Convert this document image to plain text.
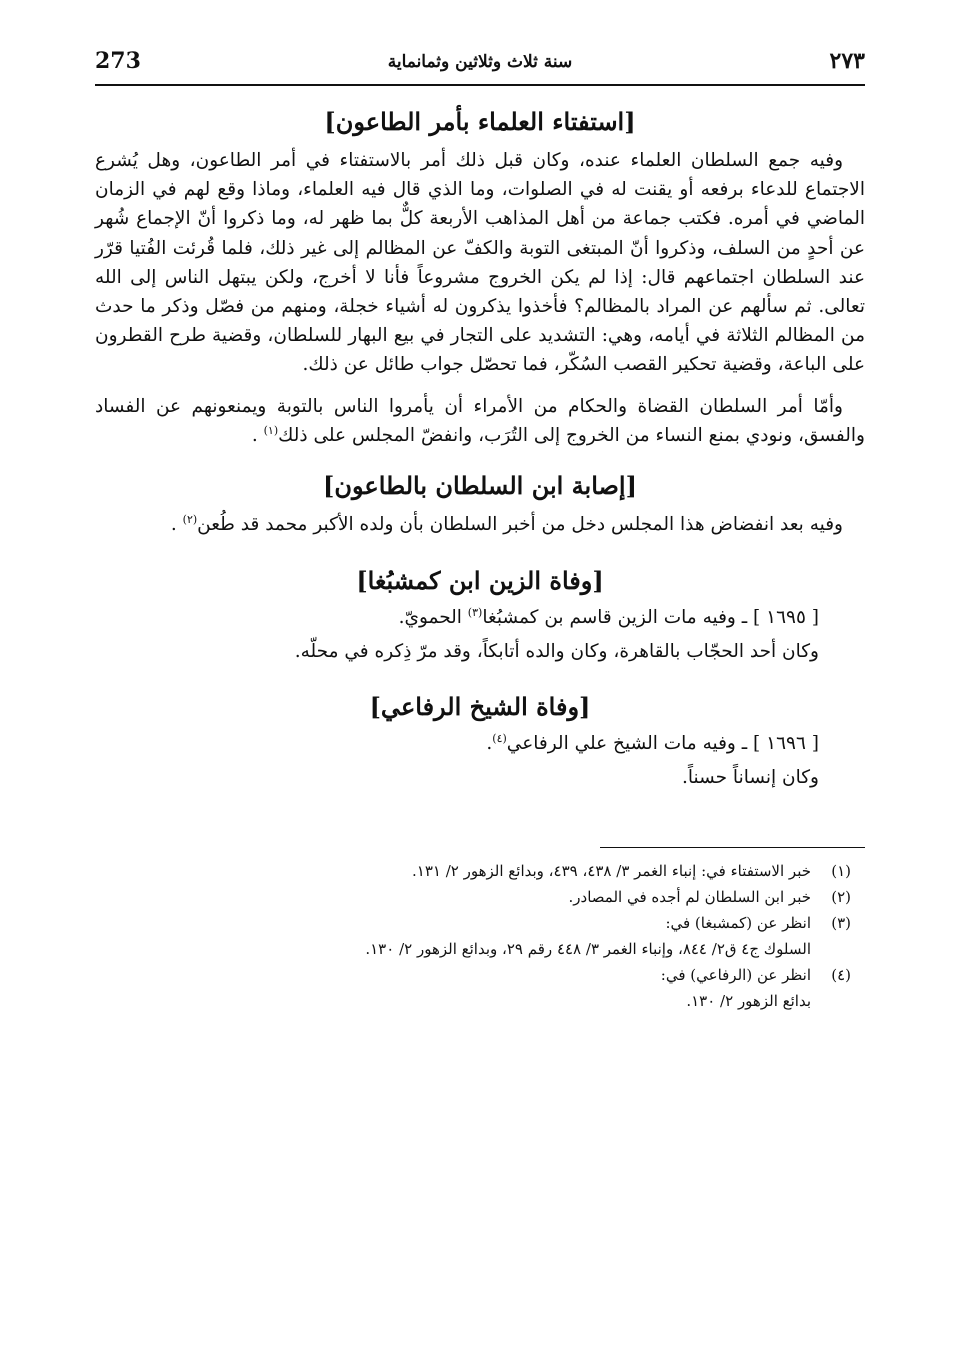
٢٧٣
سنة ثلاث وثلاثين وثمانماية
273
[استفتاء العلماء بأمر الطاعون]

وفيه جمع السلطان العلماء عنده، وكان قبل ذلك أمر بالاستفتاء في أمر الطاعون، وهل يُشرع الاجتماع للدعاء برفعه أو يقنت له في الصلوات، وما الذي قال فيه العلماء، وماذا وقع لهم في الزمان الماضي في أمره. فكتب جماعة من أهل المذاهب الأربعة كلٌّ بما ظهر له، وما ذكروا أنّ الإجماع شُهر عن أحدٍ من السلف، وذكروا أنّ المبتغى التوبة والكفّ عن المظالم إلى غير ذلك، فلما قُرئت الفُتيا قرّر عند السلطان اجتماعهم قال: إذا لم يكن الخروج مشروعاً فأنا لا أخرج، ولكن يبتهل الناس إلى الله تعالى. ثم سألهم عن المراد بالمظالم؟ فأخذوا يذكرون له أشياء خجلة، ومنهم من فصّل وذكر ما حدث من المظالم الثلاثة في أيامه، وهي: التشديد على التجار في بيع البهار للسلطان، وقضية طرح القطرون على الباعة، وقضية تحكير القصب السُكّر، فما تحصّل جواب طائل عن ذلك.

وأمّا أمر السلطان القضاة والحكام من الأمراء أن يأمروا الناس بالتوبة ويمنعونهم عن الفساد والفسق، ونودي بمنع النساء من الخروج إلى التُرَب، وانفضّ المجلس على ذلك$^{(١)}$ .

[إصابة ابن السلطان بالطاعون]

وفيه بعد انفضاض هذا المجلس دخل من أخبر السلطان بأن ولده الأكبر محمد قد طُعن$^{(٢)}$ .

[وفاة الزين ابن كمشبُغا]
[ ١٦٩٥ ] ـ وفيه مات الزين قاسم بن كمشبُغا$^{(٣)}$ الحمويّ.
وكان أحد الحجّاب بالقاهرة، وكان والده أتابكاً، وقد مرّ ذِكره في محلّه.
[وفاة الشيخ الرفاعي]
[ ١٦٩٦ ] ـ وفيه مات الشيخ علي الرفاعي$^{(٤)}$.
وكان إنساناً حسناً.
(١)
خبر الاستفتاء في: إنباء الغمر ٣/ ٤٣٨، ٤٣٩، وبدائع الزهور ٢/ ١٣١.
(٢)
خبر ابن السلطان لم أجده في المصادر.
(٣)
انظر عن (كمشبغا) في:
السلوك ج٤ ق٢/ ٨٤٤، وإنباء الغمر ٣/ ٤٤٨ رقم ٢٩، وبدائع الزهور ٢/ ١٣٠.
(٤)
انظر عن (الرفاعي) في:
بدائع الزهور ٢/ ١٣٠.
